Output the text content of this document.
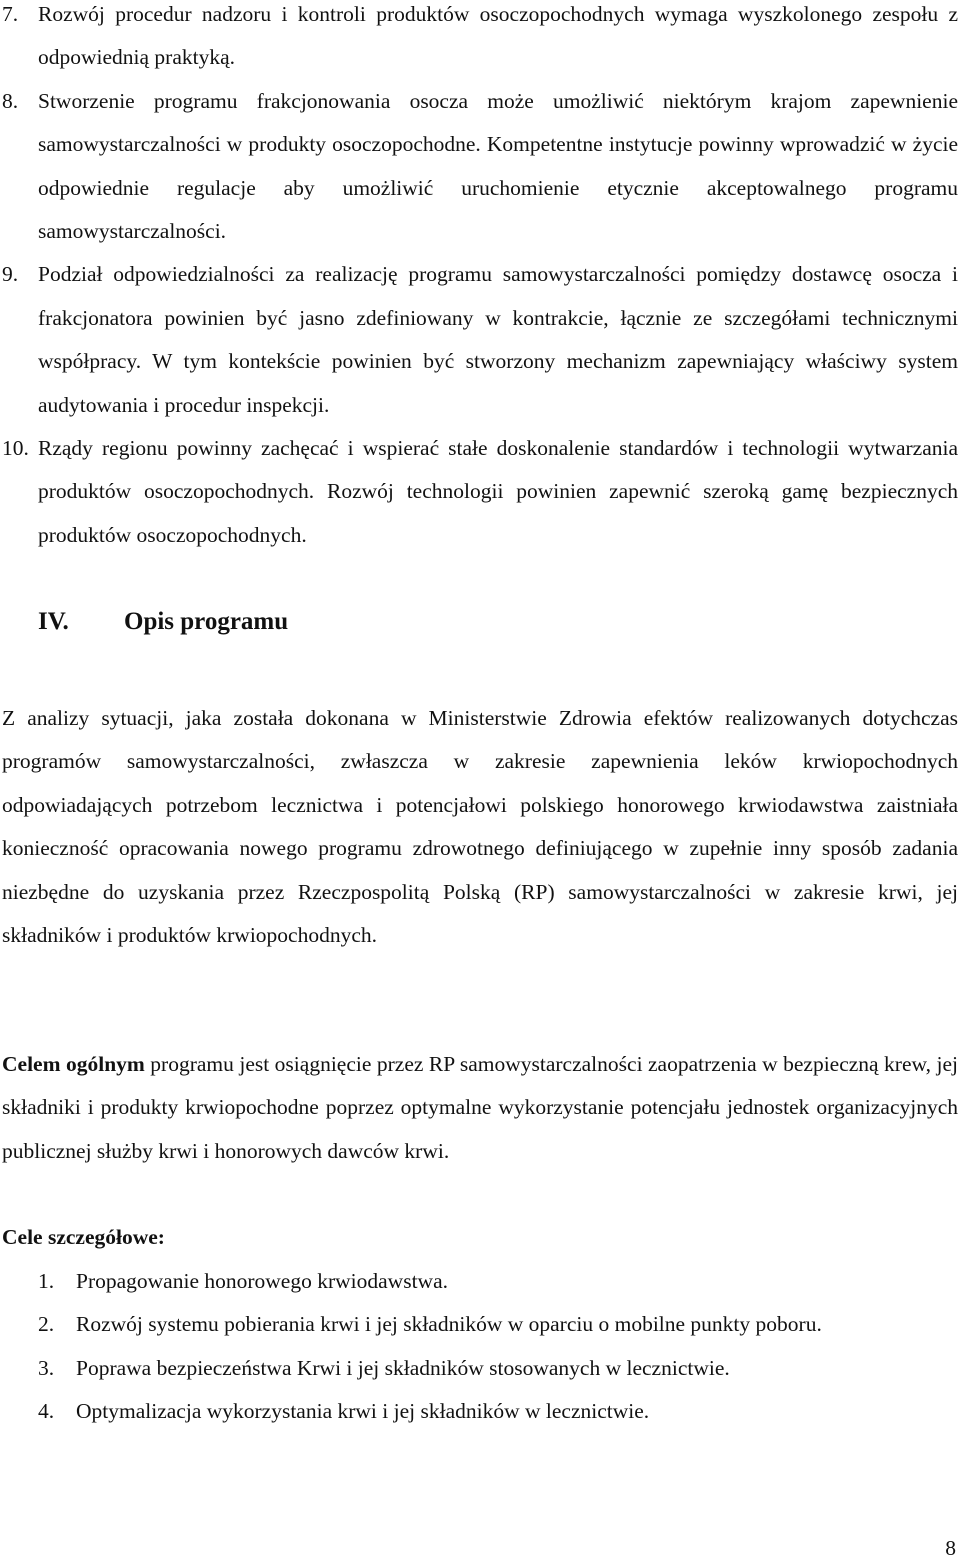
7. Rozwój procedur nadzoru i kontroli produktów osoczopochodnych wymaga wyszkolonego zespołu z odpowiednią praktyką.
8. Stworzenie programu frakcjonowania osocza może umożliwić niektórym krajom zapewnienie samowystarczalności w produkty osoczopochodne. Kompetentne instytucje powinny wprowadzić w życie odpowiednie regulacje aby umożliwić uruchomienie etycznie akceptowalnego programu samowystarczalności.
9. Podział odpowiedzialności za realizację programu samowystarczalności pomiędzy dostawcę osocza i frakcjonatora powinien być jasno zdefiniowany w kontrakcie, łącznie ze szczegółami technicznymi współpracy. W tym kontekście powinien być stworzony mechanizm zapewniający właściwy system audytowania i procedur inspekcji.
10. Rządy regionu powinny zachęcać i wspierać stałe doskonalenie standardów i technologii wytwarzania produktów osoczopochodnych. Rozwój technologii powinien zapewnić szeroką gamę bezpiecznych produktów osoczopochodnych.
IV. Opis programu

Z analizy sytuacji, jaka została dokonana w Ministerstwie Zdrowia efektów realizowanych dotychczas programów samowystarczalności, zwłaszcza w zakresie zapewnienia leków krwiopochodnych odpowiadających potrzebom lecznictwa i potencjałowi polskiego honorowego krwiodawstwa zaistniała konieczność opracowania nowego programu zdrowotnego definiującego w zupełnie inny sposób zadania niezbędne do uzyskania przez Rzeczpospolitą Polską (RP) samowystarczalności w zakresie krwi, jej składników i produktów krwiopochodnych.

Celem ogólnym programu jest osiągnięcie przez RP samowystarczalności zaopatrzenia w bezpieczną krew, jej składniki i produkty krwiopochodne poprzez optymalne wykorzystanie potencjału jednostek organizacyjnych publicznej służby krwi i honorowych dawców krwi.

Cele szczegółowe:

1. Propagowanie honorowego krwiodawstwa.
2. Rozwój systemu pobierania krwi i jej składników w oparciu o mobilne punkty poboru.
3. Poprawa bezpieczeństwa Krwi i jej składników stosowanych w lecznictwie.
4. Optymalizacja wykorzystania krwi i jej składników w lecznictwie.
8
